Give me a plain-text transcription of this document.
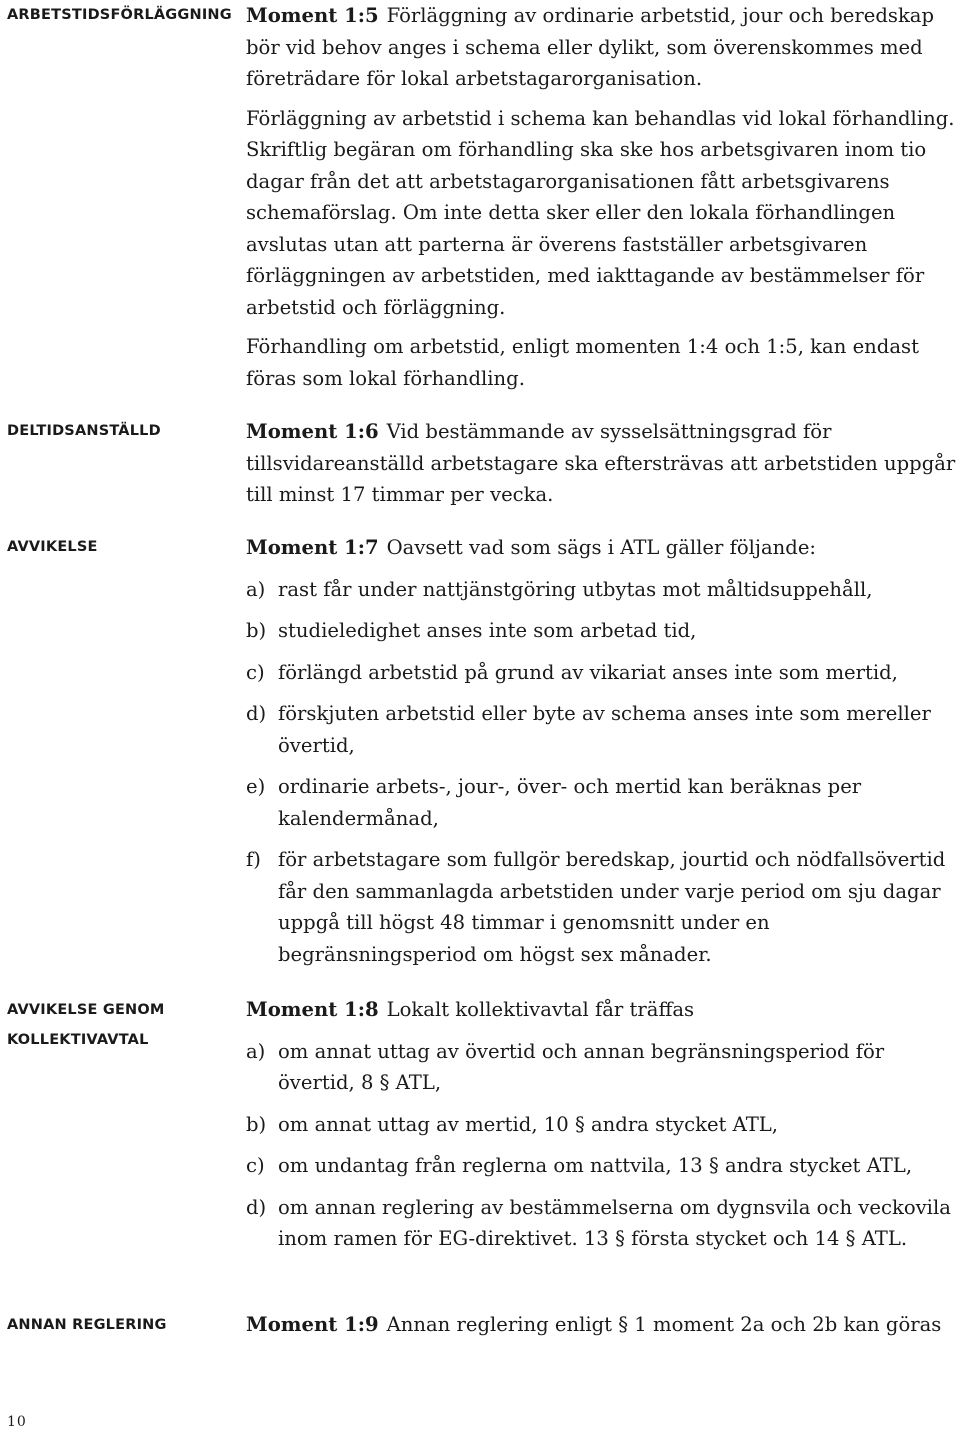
ARBETSTIDSFÖRLÄGGNING
DELTIDSANSTÄLLD
AVVIKELSE
AVVIKELSE GENOM
KOLLEKTIVAVTAL
ANNAN REGLERING

Moment 1:5 Förläggning av ordinarie arbetstid, jour och beredskap bör vid behov anges i schema eller dylikt, som överenskommes med företrädare för lokal arbetstagarorganisation.

Förläggning av arbetstid i schema kan behandlas vid lokal förhandling. Skriftlig begäran om förhandling ska ske hos arbetsgivaren inom tio dagar från det att arbetstagarorganisationen fått arbetsgivarens schemaförslag. Om inte detta sker eller den lokala förhandlingen avslutas utan att parterna är överens fastställer arbetsgivaren förläggningen av arbetstiden, med iakttagande av bestämmelser för arbetstid och förläggning.

Förhandling om arbetstid, enligt momenten 1:4 och 1:5, kan endast föras som lokal förhandling.

Moment 1:6 Vid bestämmande av sysselsättningsgrad för tillsvidareanställd arbetstagare ska eftersträvas att arbetstiden uppgår till minst 17 timmar per vecka.

Moment 1:7 Oavsett vad som sägs i ATL gäller följande:

a) rast får under nattjänstgöring utbytas mot måltidsuppehåll,
b) studieledighet anses inte som arbetad tid,
c) förlängd arbetstid på grund av vikariat anses inte som mertid,
d) förskjuten arbetstid eller byte av schema anses inte som mereller övertid,
e) ordinarie arbets-, jour-, över- och mertid kan beräknas per kalendermånad,
f) för arbetstagare som fullgör beredskap, jourtid och nödfallsövertid får den sammanlagda arbetstiden under varje period om sju dagar uppgå till högst 48 timmar i genomsnitt under en begränsningsperiod om högst sex månader.

Moment 1:8 Lokalt kollektivavtal får träffas

a) om annat uttag av övertid och annan begränsningsperiod för övertid, 8 § ATL,
b) om annat uttag av mertid, 10 § andra stycket ATL,
c) om undantag från reglerna om nattvila, 13 § andra stycket ATL,
d) om annan reglering av bestämmelserna om dygnsvila och veckovila inom ramen för EG-direktivet. 13 § första stycket och 14 § ATL.

Moment 1:9 Annan reglering enligt § 1 moment 2a och 2b kan göras

10
